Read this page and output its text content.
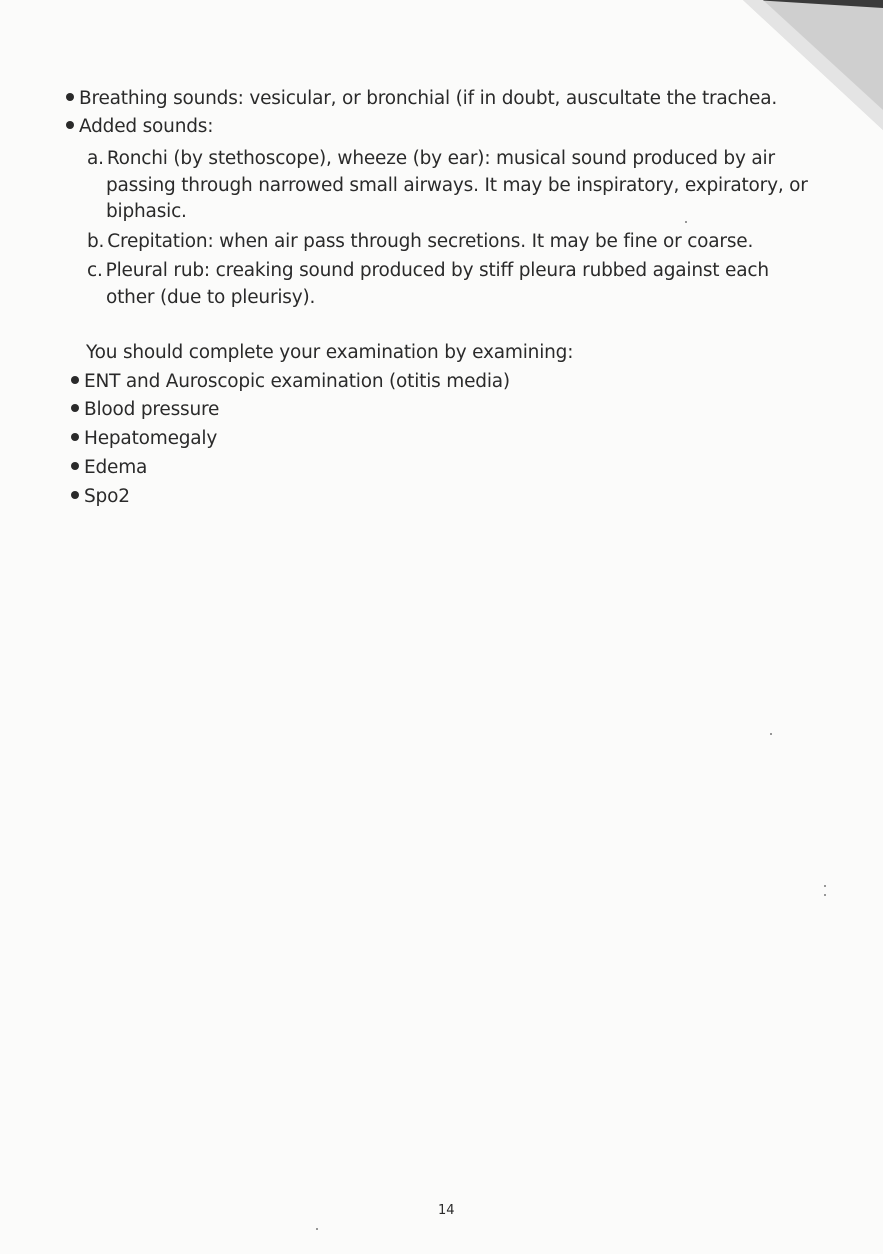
Breathing sounds: vesicular, or bronchial (if in doubt, auscultate the trachea.
Added sounds:
a. Ronchi (by stethoscope), wheeze (by ear): musical sound produced by air
passing through narrowed small airways. It may be inspiratory, expiratory, or
biphasic.
b. Crepitation: when air pass through secretions. It may be fine or coarse.
c. Pleural rub: creaking sound produced by stiff pleura rubbed against each
other (due to pleurisy).
You should complete your examination by examining:
ENT and Auroscopic examination (otitis media)
Blood pressure
Hepatomegaly
Edema
Spo2
14
